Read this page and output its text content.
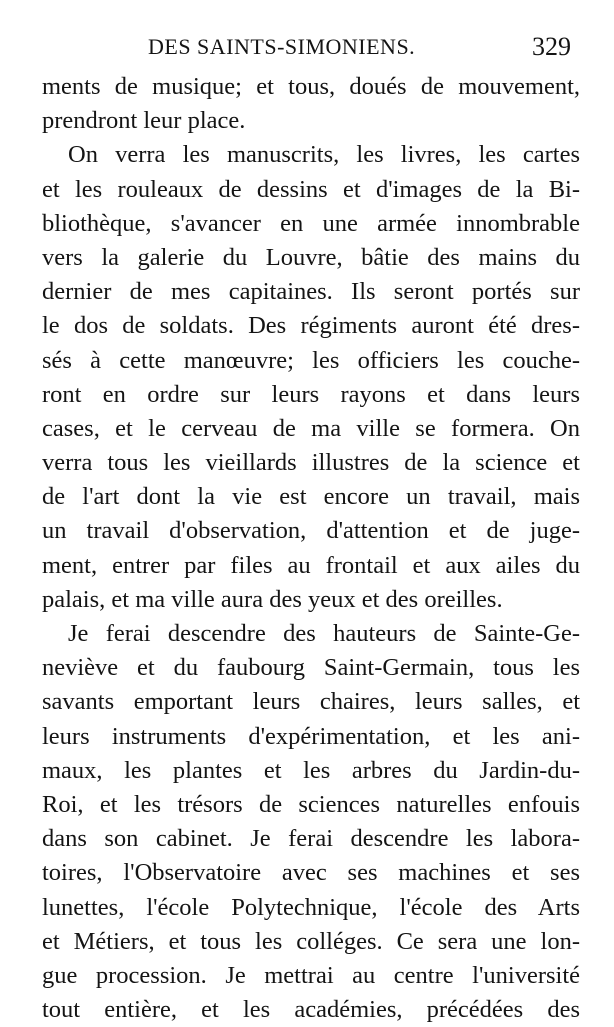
DES SAINTS-SIMONIENS.	329
ments de musique; et tous, doués de mouvement,
prendront leur place.
On verra les manuscrits, les livres, les cartes
et les rouleaux de dessins et d'images de la Bi-
bliothèque, s'avancer en une armée innombrable
vers la galerie du Louvre, bâtie des mains du
dernier de mes capitaines. Ils seront portés sur
le dos de soldats. Des régiments auront été dres-
sés à cette manœuvre; les officiers les couche-
ront en ordre sur leurs rayons et dans leurs
cases, et le cerveau de ma ville se formera. On
verra tous les vieillards illustres de la science et
de l'art dont la vie est encore un travail, mais
un travail d'observation, d'attention et de juge-
ment, entrer par files au frontail et aux ailes du
palais, et ma ville aura des yeux et des oreilles.
Je ferai descendre des hauteurs de Sainte-Ge-
neviève et du faubourg Saint-Germain, tous les
savants emportant leurs chaires, leurs salles, et
leurs instruments d'expérimentation, et les ani-
maux, les plantes et les arbres du Jardin-du-
Roi, et les trésors de sciences naturelles enfouis
dans son cabinet. Je ferai descendre les labora-
toires, l'Observatoire avec ses machines et ses
lunettes, l'école Polytechnique, l'école des Arts
et Métiers, et tous les colléges. Ce sera une lon-
gue procession. Je mettrai au centre l'université
tout entière, et les académies, précédées des
